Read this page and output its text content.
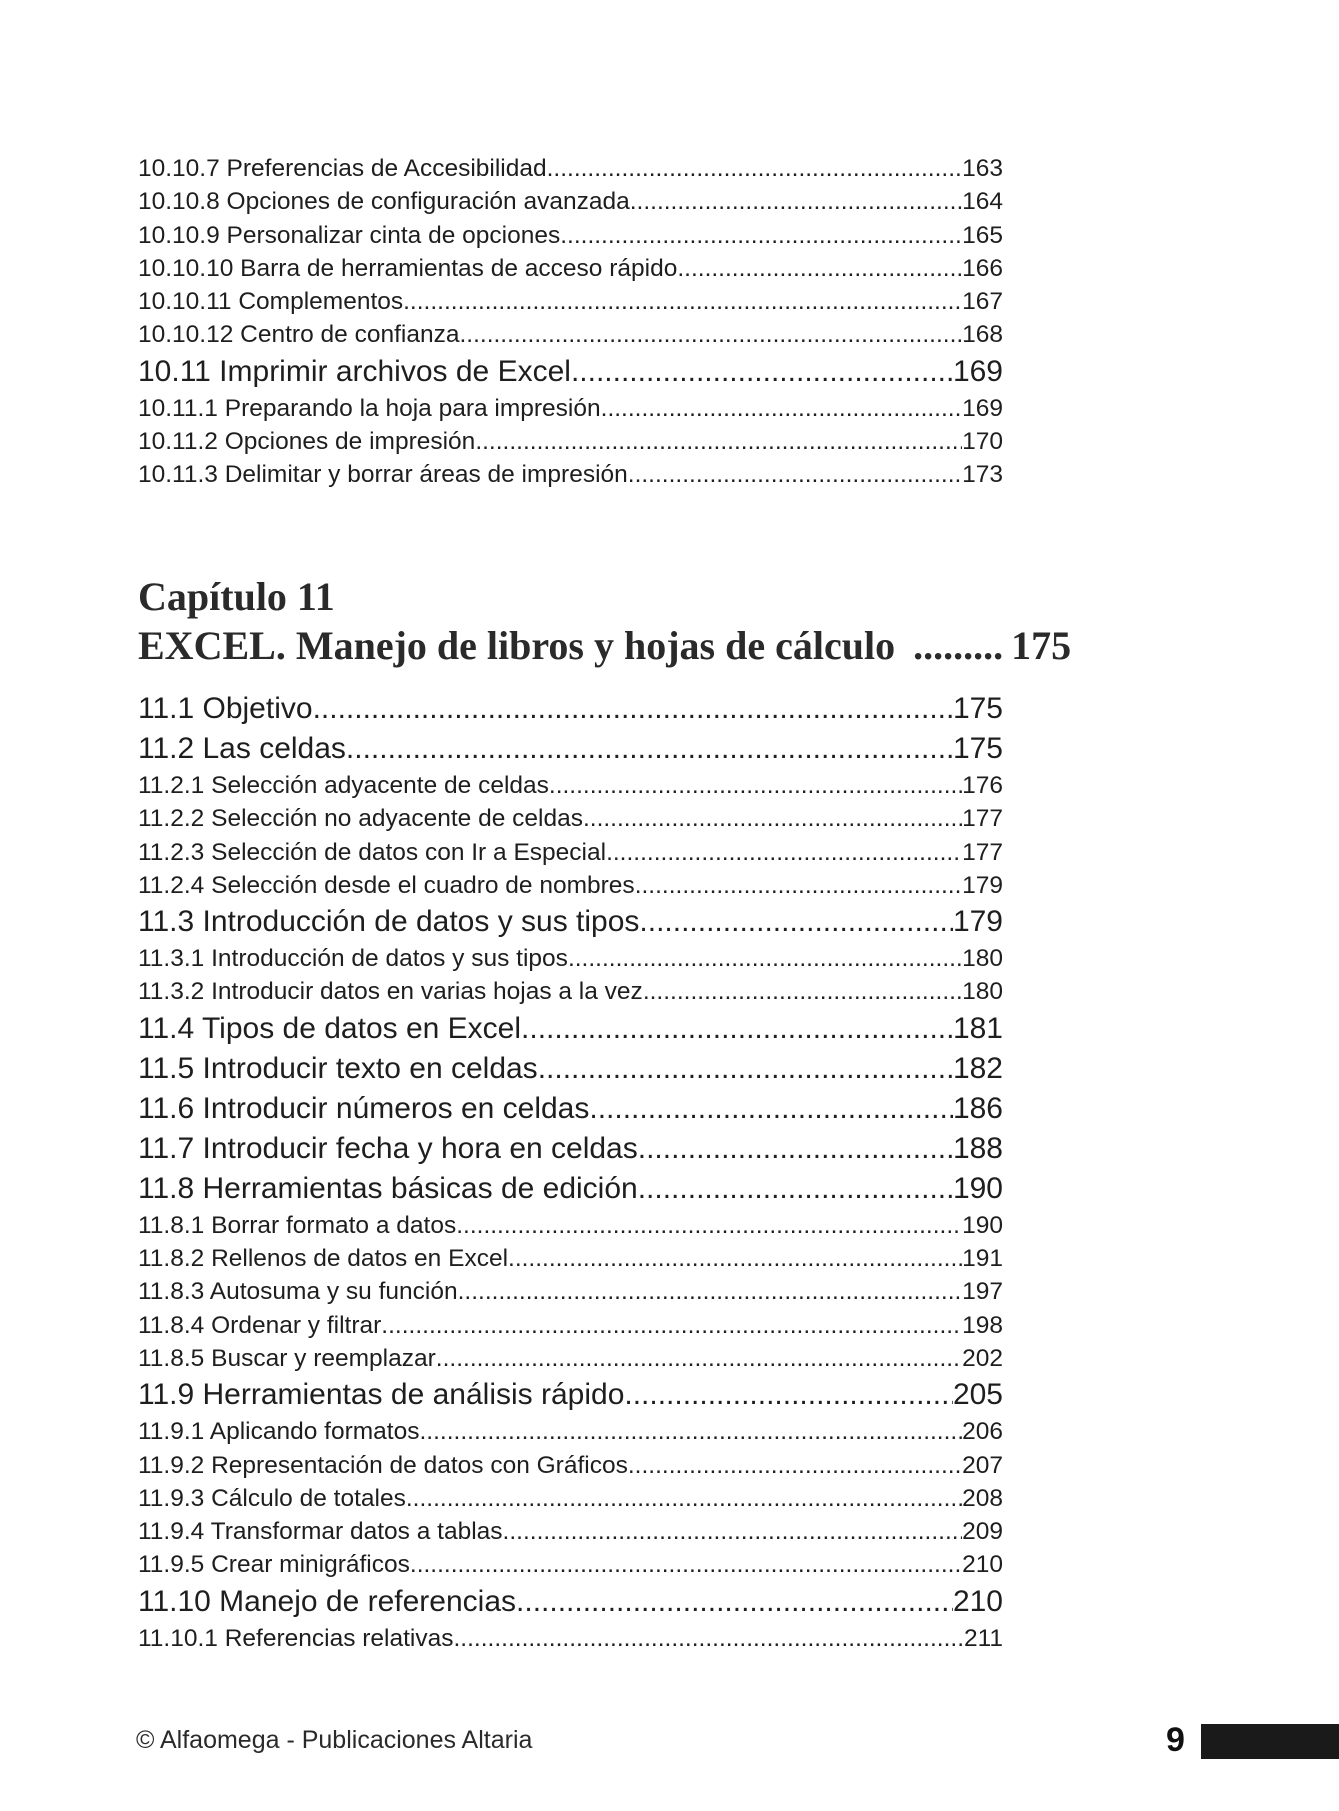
10.10.7 Preferencias de Accesibilidad .....	163
10.10.8 Opciones de configuración avanzada .....	164
10.10.9 Personalizar cinta de opciones .....	165
10.10.10 Barra de herramientas de acceso rápido .....	166
10.10.11 Complementos .....	167
10.10.12 Centro de confianza .....	168
10.11 Imprimir archivos de Excel .....	169
10.11.1 Preparando la hoja para impresión .....	169
10.11.2 Opciones de impresión .....	170
10.11.3 Delimitar y borrar áreas de impresión .....	173
Capítulo 11
EXCEL. Manejo de libros y hojas de cálculo .....	175
11.1 Objetivo .....	175
11.2 Las celdas .....	175
11.2.1 Selección adyacente de celdas .....	176
11.2.2 Selección no adyacente de celdas .....	177
11.2.3 Selección de datos con Ir a Especial .....	177
11.2.4 Selección desde el cuadro de nombres .....	179
11.3 Introducción de datos y sus tipos .....	179
11.3.1 Introducción de datos y sus tipos .....	180
11.3.2 Introducir datos en varias hojas a la vez .....	180
11.4 Tipos de datos en Excel .....	181
11.5 Introducir texto en celdas .....	182
11.6 Introducir números en celdas .....	186
11.7 Introducir fecha y hora en celdas .....	188
11.8 Herramientas básicas de edición .....	190
11.8.1 Borrar formato a datos .....	190
11.8.2 Rellenos de datos en Excel .....	191
11.8.3 Autosuma y su función .....	197
11.8.4 Ordenar y filtrar .....	198
11.8.5 Buscar y reemplazar .....	202
11.9 Herramientas de análisis rápido .....	205
11.9.1 Aplicando formatos .....	206
11.9.2 Representación de datos con Gráficos .....	207
11.9.3 Cálculo de totales .....	208
11.9.4 Transformar datos a tablas .....	209
11.9.5 Crear minigráficos .....	210
11.10 Manejo de referencias .....	210
11.10.1 Referencias relativas .....	211
© Alfaomega - Publicaciones Altaria	9
